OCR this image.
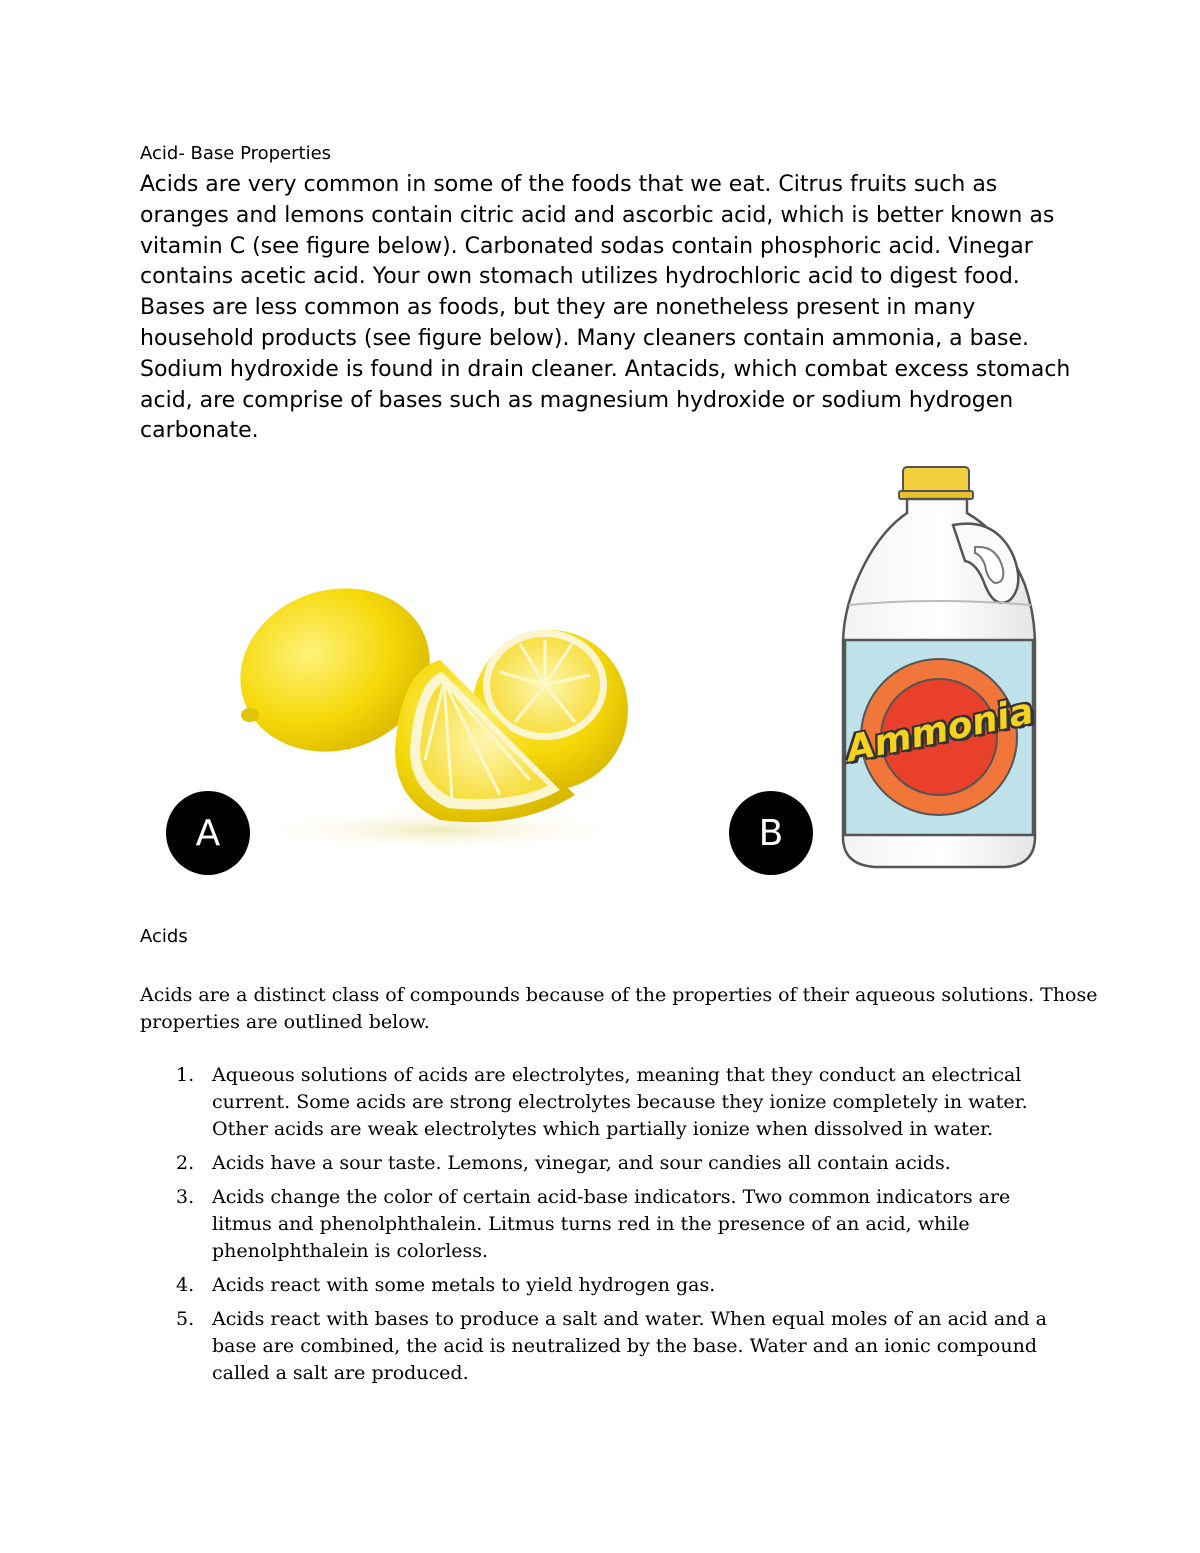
Acid- Base Properties

Acids are very common in some of the foods that we eat. Citrus fruits such as oranges and lemons contain citric acid and ascorbic acid, which is better known as vitamin C (see figure below). Carbonated sodas contain phosphoric acid. Vinegar contains acetic acid. Your own stomach utilizes hydrochloric acid to digest food. Bases are less common as foods, but they are nonetheless present in many household products (see figure below). Many cleaners contain ammonia, a base. Sodium hydroxide is found in drain cleaner. Antacids, which combat excess stomach acid, are comprise of bases such as magnesium hydroxide or sodium hydrogen carbonate.

A	B
Ammonia
Acids

Acids are a distinct class of compounds because of the properties of their aqueous solutions. Those properties are outlined below.

1. Aqueous solutions of acids are electrolytes, meaning that they conduct an electrical current. Some acids are strong electrolytes because they ionize completely in water. Other acids are weak electrolytes which partially ionize when dissolved in water.
2. Acids have a sour taste. Lemons, vinegar, and sour candies all contain acids.
3. Acids change the color of certain acid-base indicators. Two common indicators are litmus and phenolphthalein. Litmus turns red in the presence of an acid, while phenolphthalein is colorless.
4. Acids react with some metals to yield hydrogen gas.
5. Acids react with bases to produce a salt and water. When equal moles of an acid and a base are combined, the acid is neutralized by the base. Water and an ionic compound called a salt are produced.
